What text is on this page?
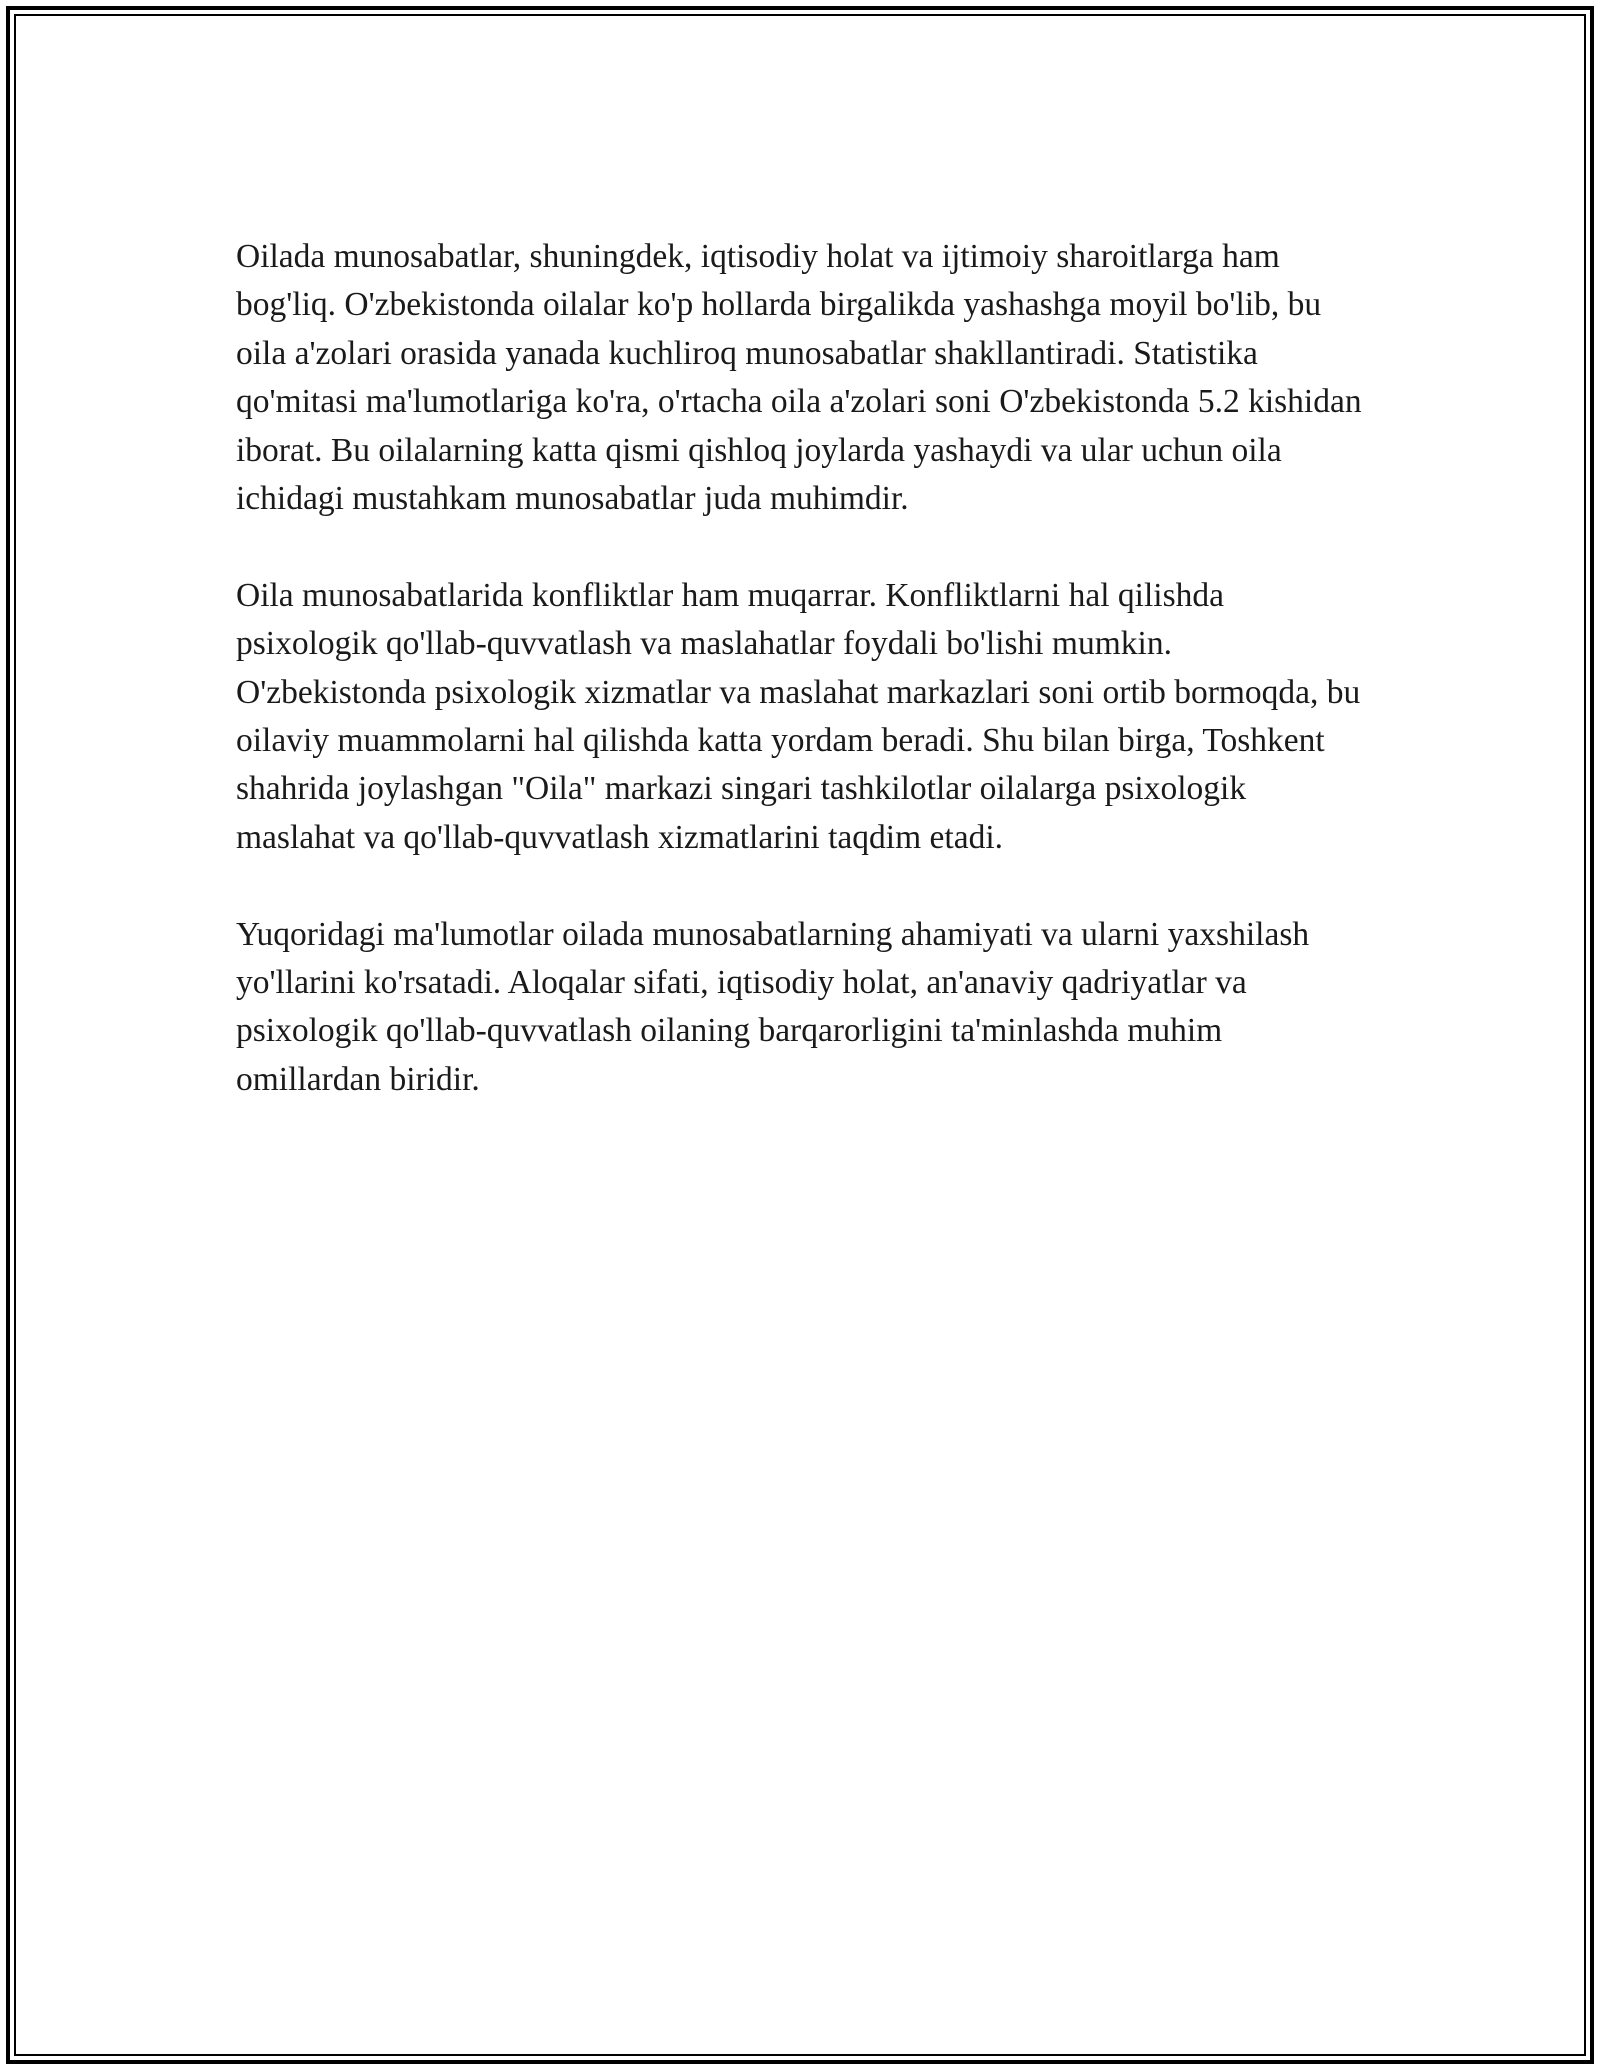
Oilada munosabatlar, shuningdek, iqtisodiy holat va ijtimoiy sharoitlarga ham bog'liq. O'zbekistonda oilalar ko'p hollarda birgalikda yashashga moyil bo'lib, bu oila a'zolari orasida yanada kuchliroq munosabatlar shakllantiradi. Statistika qo'mitasi ma'lumotlariga ko'ra, o'rtacha oila a'zolari soni O'zbekistonda 5.2 kishidan iborat. Bu oilalarning katta qismi qishloq joylarda yashaydi va ular uchun oila ichidagi mustahkam munosabatlar juda muhimdir.

Oila munosabatlarida konfliktlar ham muqarrar. Konfliktlarni hal qilishda psixologik qo'llab-quvvatlash va maslahatlar foydali bo'lishi mumkin. O'zbekistonda psixologik xizmatlar va maslahat markazlari soni ortib bormoqda, bu oilaviy muammolarni hal qilishda katta yordam beradi. Shu bilan birga, Toshkent shahrida joylashgan "Oila" markazi singari tashkilotlar oilalarga psixologik maslahat va qo'llab-quvvatlash xizmatlarini taqdim etadi.

Yuqoridagi ma'lumotlar oilada munosabatlarning ahamiyati va ularni yaxshilash yo'llarini ko'rsatadi. Aloqalar sifati, iqtisodiy holat, an'anaviy qadriyatlar va psixologik qo'llab-quvvatlash oilaning barqarorligini ta'minlashda muhim omillardan biridir.
